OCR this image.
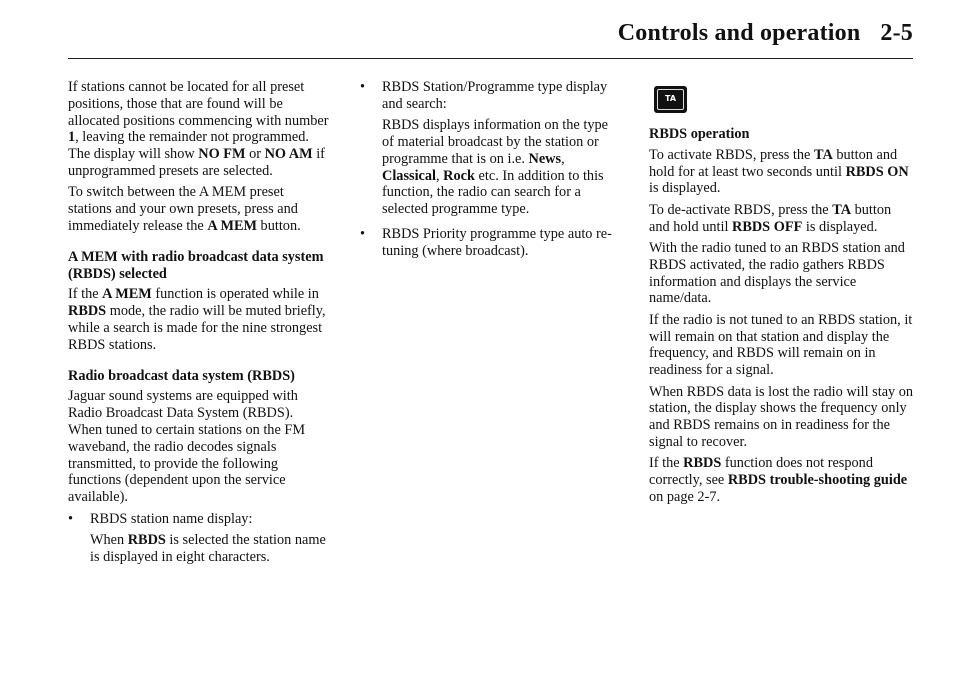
Controls and operation 2-5

If stations cannot be located for all preset positions, those that are found will be allocated positions commencing with number 1, leaving the remainder not programmed. The display will show NO FM or NO AM if unprogrammed presets are selected.

To switch between the A MEM preset stations and your own presets, press and immediately release the A MEM button.

A MEM with radio broadcast data system (RBDS) selected

If the A MEM function is operated while in RBDS mode, the radio will be muted briefly, while a search is made for the nine strongest RBDS stations.

Radio broadcast data system (RBDS)

Jaguar sound systems are equipped with Radio Broadcast Data System (RBDS). When tuned to certain stations on the FM waveband, the radio decodes signals transmitted, to provide the following functions (dependent upon the service available).

• RBDS station name display:

When RBDS is selected the station name is displayed in eight characters.

• RBDS Station/Programme type display and search:

RBDS displays information on the type of material broadcast by the station or programme that is on i.e. News, Classical, Rock etc. In addition to this function, the radio can search for a selected programme type.

• RBDS Priority programme type auto re-tuning (where broadcast).
TA
RBDS operation

To activate RBDS, press the TA button and hold for at least two seconds until RBDS ON is displayed.

To de-activate RBDS, press the TA button and hold until RBDS OFF is displayed.

With the radio tuned to an RBDS station and RBDS activated, the radio gathers RBDS information and displays the service name/data.

If the radio is not tuned to an RBDS station, it will remain on that station and display the frequency, and RBDS will remain on in readiness for a signal.

When RBDS data is lost the radio will stay on station, the display shows the frequency only and RBDS remains on in readiness for the signal to recover.

If the RBDS function does not respond correctly, see RBDS trouble-shooting guide on page 2-7.
